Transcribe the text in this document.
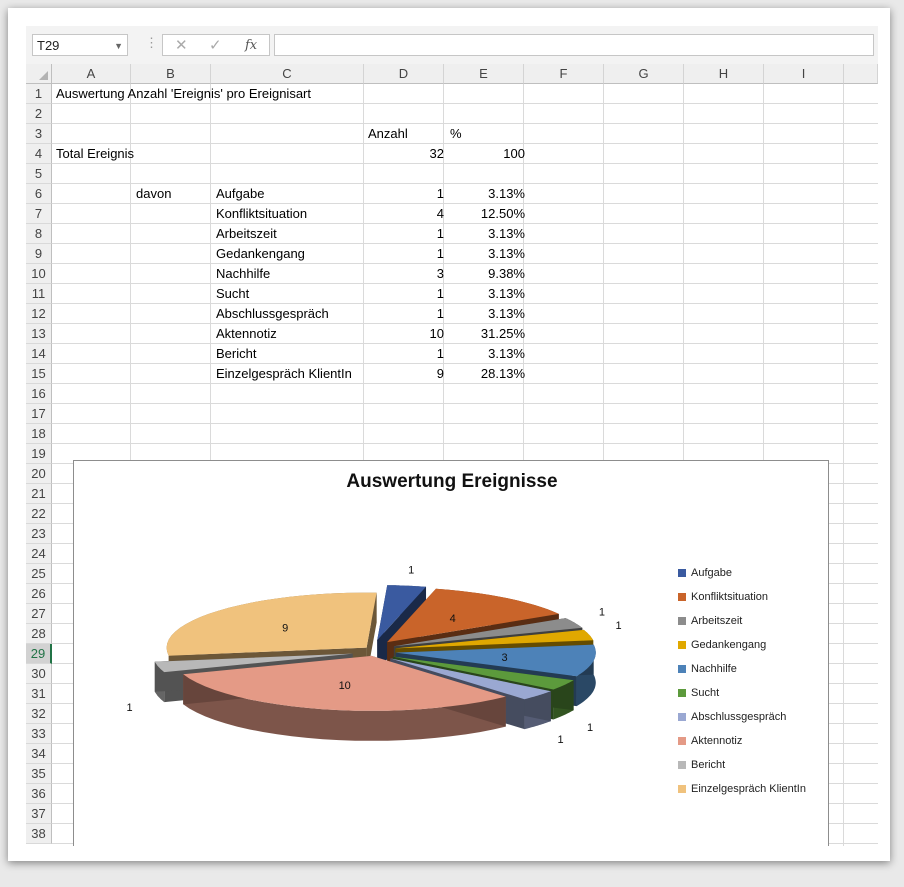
T29	▼ ⋮ ✕ ✓ fx
A	B	C	D	E	F	G	H	I
1
2
3
4
5
6
7
8
9
10
11
12
13
14
15
16
17
18
19
20
21
22
23
24
25
26
27
28
29
30
31
32
33
34
35
36
37
38
Auswertung Anzahl 'Ereignis' pro Ereignisart
Anzahl	%
Total Ereignis	32	100
davon	Aufgabe	1	3.13%
Konfliktsituation	4	12.50%
Arbeitszeit	1	3.13%
Gedankengang	1	3.13%
Nachhilfe	3	9.38%
Sucht	1	3.13%
Abschlussgespräch	1	3.13%
Aktennotiz	10	31.25%
Bericht	1	3.13%
Einzelgespräch KlientIn	9	28.13%
Auswertung Ereignisse
1
4
9
1
1
3
1
1
1
10
Aufgabe
Konfliktsituation
Arbeitszeit
Gedankengang
Nachhilfe
Sucht
Abschlussgespräch
Aktennotiz
Bericht
Einzelgespräch KlientIn
